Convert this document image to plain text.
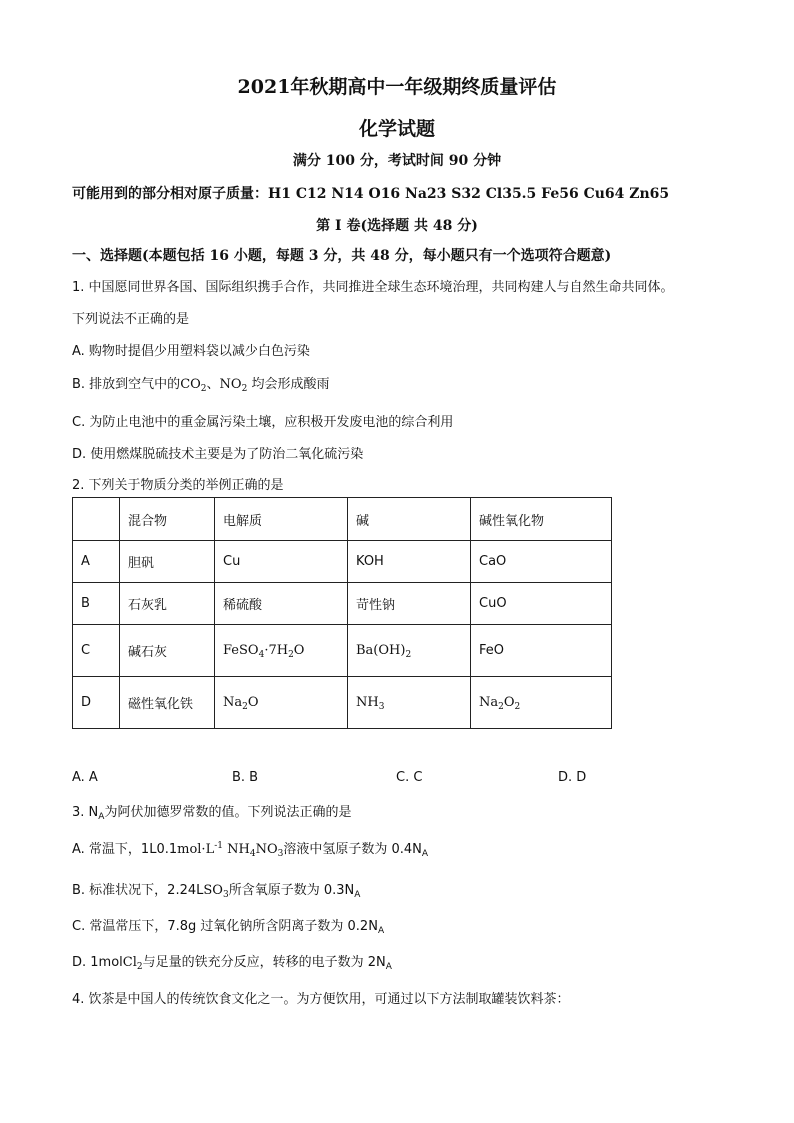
2021年秋期高中一年级期终质量评估
化学试题
满分 100 分，考试时间 90 分钟
可能用到的部分相对原子质量：H1 C12 N14 O16 Na23 S32 Cl35.5 Fe56 Cu64 Zn65
第 I 卷(选择题 共 48 分)
一、选择题(本题包括 16 小题，每题 3 分，共 48 分，每小题只有一个选项符合题意)
1. 中国愿同世界各国、国际组织携手合作，共同推进全球生态环境治理，共同构建人与自然生命共同体。
下列说法不正确的是
A. 购物时提倡少用塑料袋以减少白色污染
B. 排放到空气中的$CO_2$、$NO_2$ 均会形成酸雨
C. 为防止电池中的重金属污染土壤，应积极开发废电池的综合利用
D. 使用燃煤脱硫技术主要是为了防治二氧化硫污染
2. 下列关于物质分类的举例正确的是
	混合物	电解质	碱	碱性氧化物
A	胆矾	Cu	KOH	CaO
B	石灰乳	稀硫酸	苛性钠	CuO
C	碱石灰	$FeSO_4\cdot 7H_2O$	$Ba(OH)_2$	FeO
D	磁性氧化铁	$Na_2O$	$NH_3$	$Na_2O_2$
A. A	B. B	C. C	D. D
3. $N_A$为阿伏加德罗常数的值。下列说法正确的是
A. 常温下，$1L0.1mol\cdot L^{-1}$ $NH_4NO_3$溶液中氢原子数为 $0.4N_A$
B. 标准状况下，$2.24LSO_3$所含氧原子数为 $0.3N_A$
C. 常温常压下，7.8g 过氧化钠所含阴离子数为 $0.2N_A$
D. 1molCl$_2$与足量的铁充分反应，转移的电子数为 $2N_A$
4. 饮茶是中国人的传统饮食文化之一。为方便饮用，可通过以下方法制取罐装饮料茶：
